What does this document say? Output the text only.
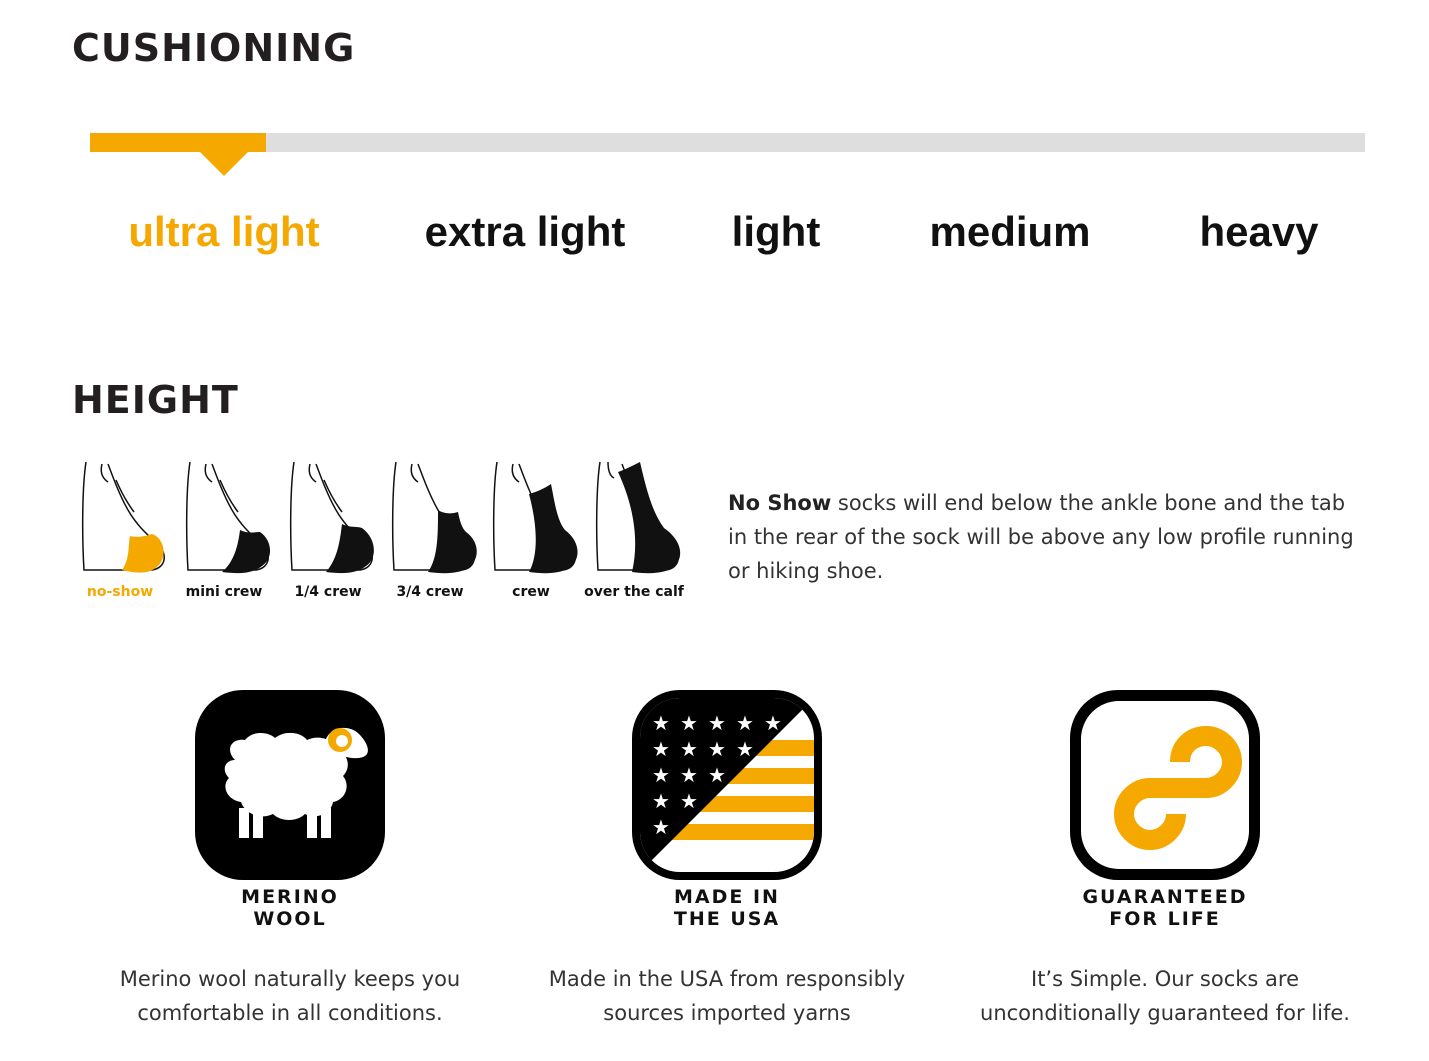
CUSHIONING
ultra light extra light	light	medium	heavy
HEIGHT
no-show	mini crew	1/4 crew	3/4 crew	crew	over the calf

No Show socks will end below the ankle bone and the tab in the rear of the sock will be above any low profile running or hiking shoe.

MERINO
WOOL
Merino wool naturally keeps you
comfortable in all conditions.
★ ★ ★ ★ ★
★ ★ ★ ★
★ ★ ★
★ ★
★
MADE IN
THE USA
Made in the USA from responsibly
sources imported yarns
GUARANTEED
FOR LIFE
It’s Simple. Our socks are
unconditionally guaranteed for life.
